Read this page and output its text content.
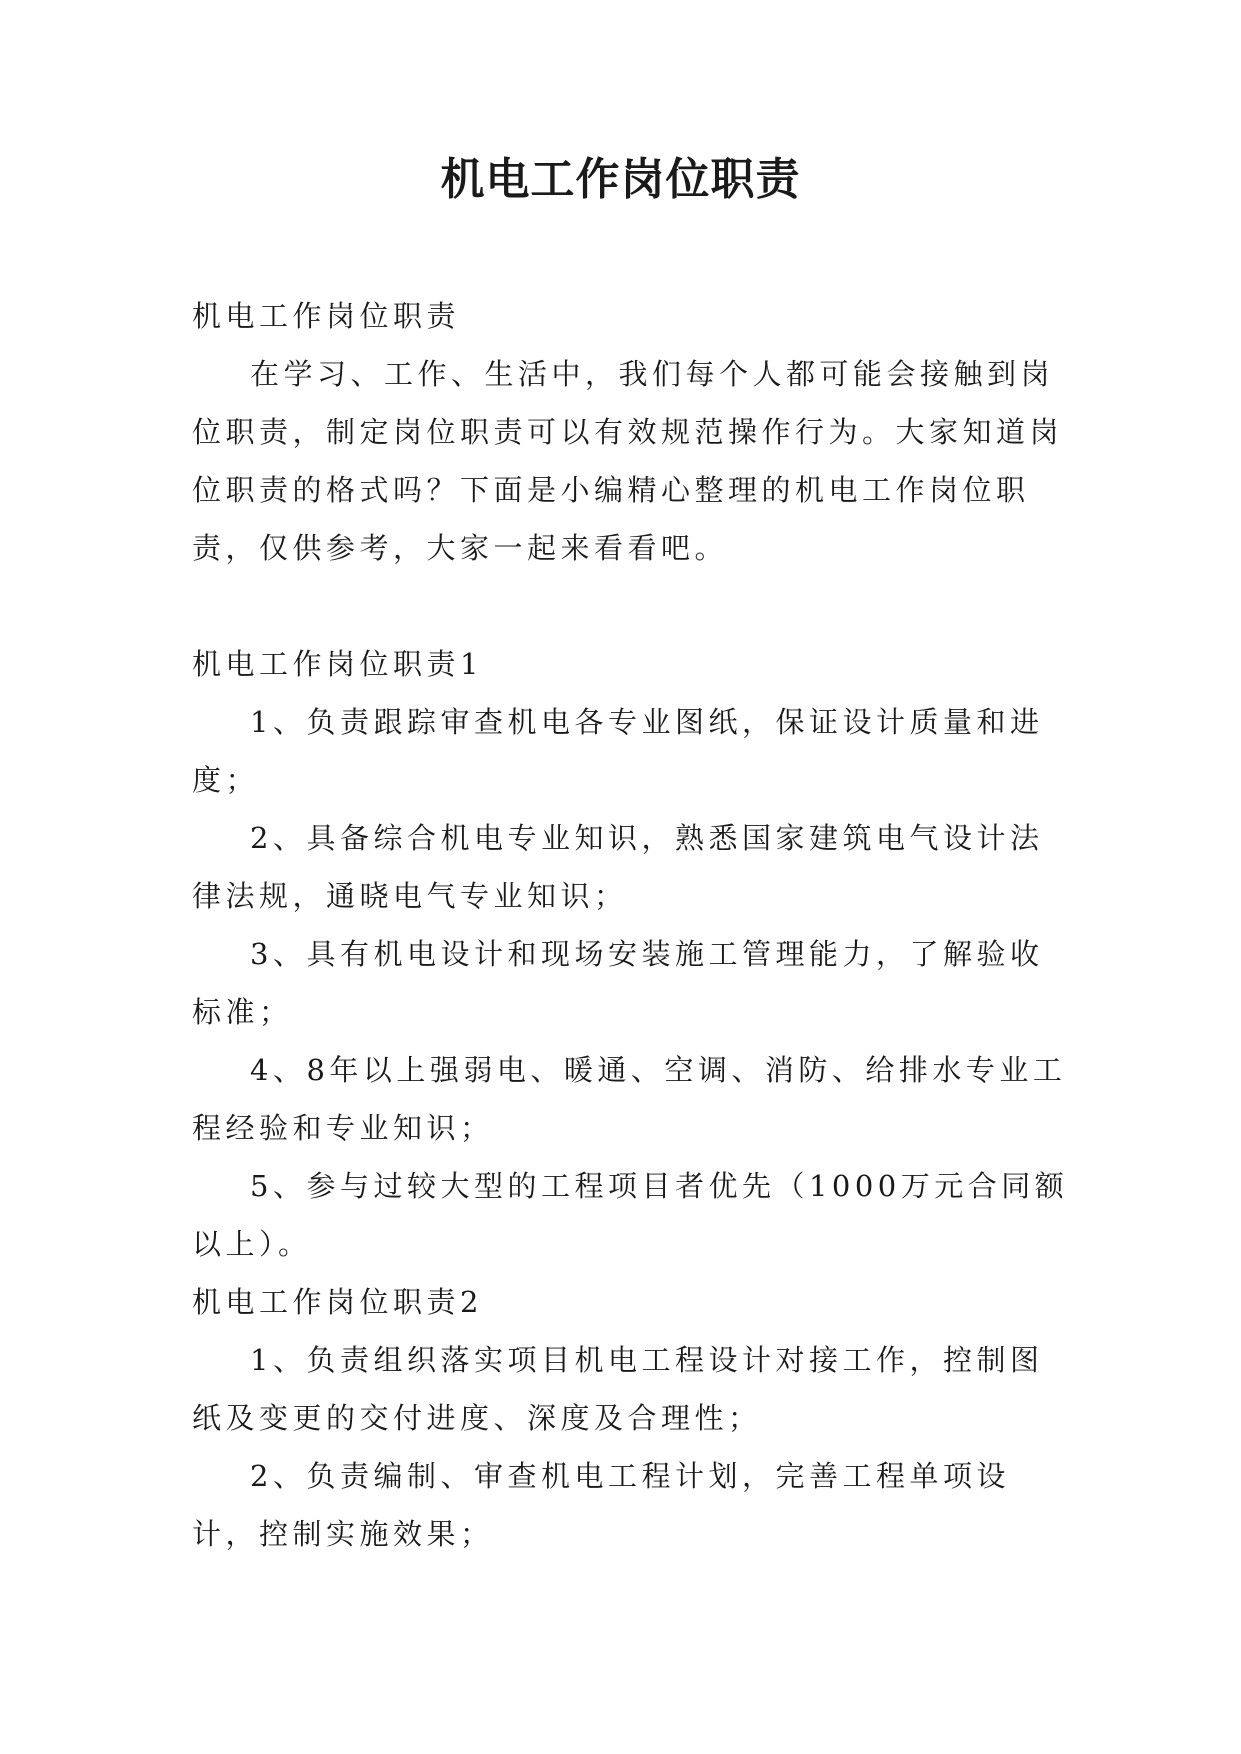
机电工作岗位职责

机电工作岗位职责

在学习、工作、生活中，我们每个人都可能会接触到岗位职责，制定岗位职责可以有效规范操作行为。大家知道岗位职责的格式吗？下面是小编精心整理的机电工作岗位职责，仅供参考，大家一起来看看吧。

机电工作岗位职责1

1、负责跟踪审查机电各专业图纸，保证设计质量和进度；

2、具备综合机电专业知识，熟悉国家建筑电气设计法律法规，通晓电气专业知识；

3、具有机电设计和现场安装施工管理能力，了解验收标准；

4、8年以上强弱电、暖通、空调、消防、给排水专业工程经验和专业知识；

5、参与过较大型的工程项目者优先（1000万元合同额以上）。

机电工作岗位职责2

1、负责组织落实项目机电工程设计对接工作，控制图纸及变更的交付进度、深度及合理性；

2、负责编制、审查机电工程计划，完善工程单项设计，控制实施效果；
